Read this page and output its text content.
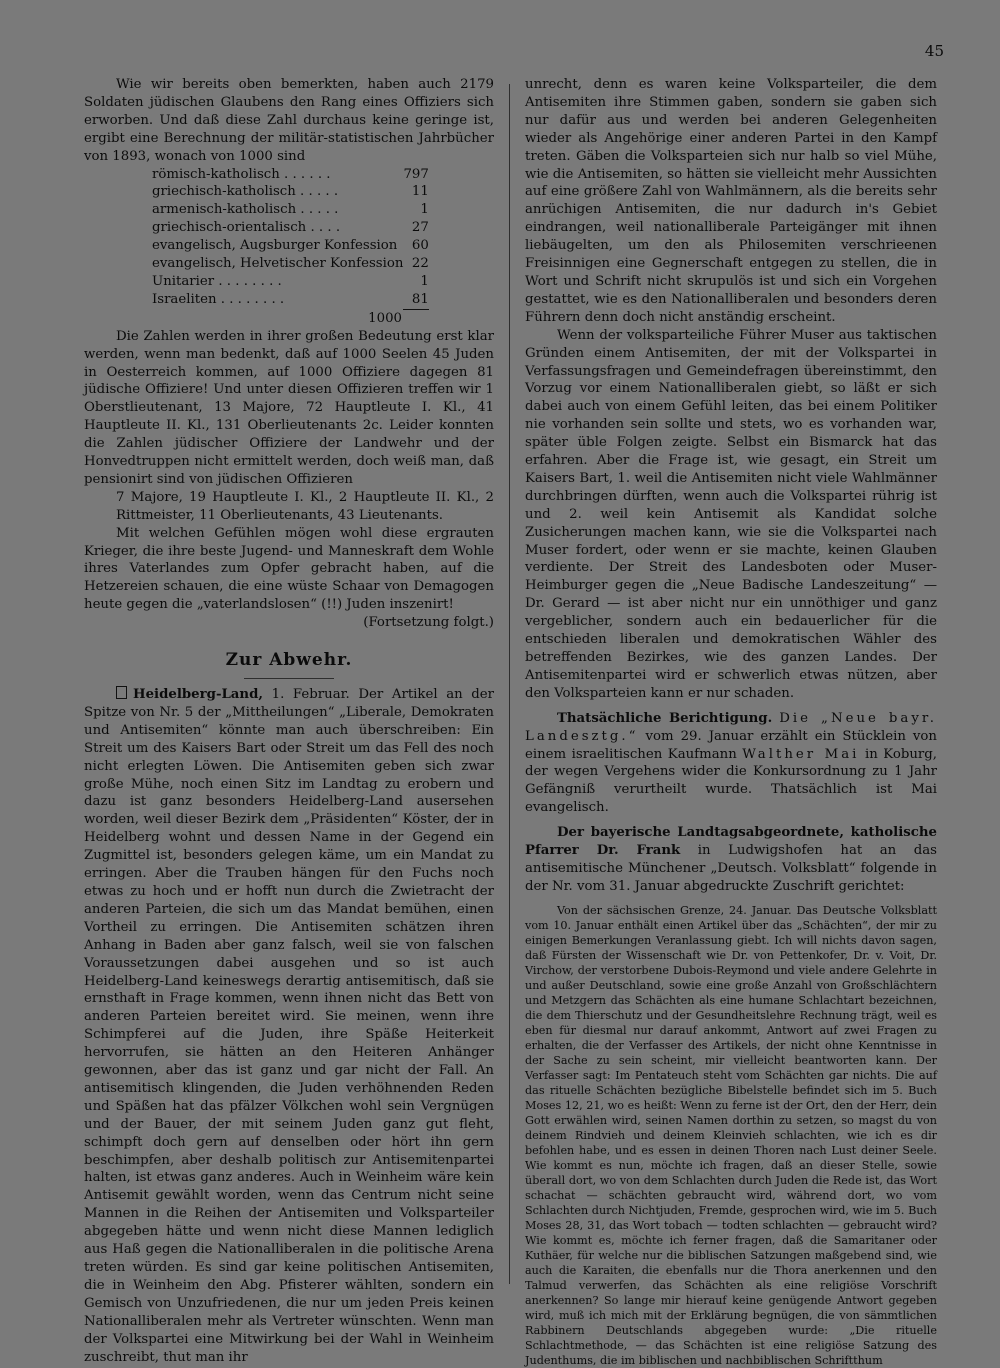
45

Wie wir bereits oben bemerkten, haben auch 2179 Soldaten jüdischen Glaubens den Rang eines Offiziers sich erworben. Und daß diese Zahl durchaus keine geringe ist, ergibt eine Berechnung der militär-statistischen Jahrbücher von 1893, wonach von 1000 sind

römisch-katholisch . . . . . .	797
griechisch-katholisch . . . . .	11
armenisch-katholisch . . . . .	1
griechisch-orientalisch . . . .	27
evangelisch, Augsburger Konfession	60
evangelisch, Helvetischer Konfession	22
Unitarier . . . . . . . .	1
Israeliten . . . . . . . .	81
1000

Die Zahlen werden in ihrer großen Bedeutung erst klar werden, wenn man bedenkt, daß auf 1000 Seelen 45 Juden in Oesterreich kommen, auf 1000 Offiziere dagegen 81 jüdische Offiziere! Und unter diesen Offizieren treffen wir 1 Oberstlieutenant, 13 Majore, 72 Hauptleute I. Kl., 41 Hauptleute II. Kl., 131 Oberlieutenants 2c. Leider konnten die Zahlen jüdischer Offiziere der Landwehr und der Honvedtruppen nicht ermittelt werden, doch weiß man, daß pensionirt sind von jüdischen Offizieren

7 Majore, 19 Hauptleute I. Kl., 2 Hauptleute II. Kl., 2 Rittmeister, 11 Oberlieutenants, 43 Lieutenants.

Mit welchen Gefühlen mögen wohl diese ergrauten Krieger, die ihre beste Jugend- und Manneskraft dem Wohle ihres Vaterlandes zum Opfer gebracht haben, auf die Hetzereien schauen, die eine wüste Schaar von Demagogen heute gegen die „vaterlandslosen“ (!!) Juden inszenirt!

(Fortsetzung folgt.)

Zur Abwehr.

Heidelberg-Land, 1. Februar. Der Artikel an der Spitze von Nr. 5 der „Mittheilungen“ „Liberale, Demokraten und Antisemiten“ könnte man auch überschreiben: Ein Streit um des Kaisers Bart oder Streit um das Fell des noch nicht erlegten Löwen. Die Antisemiten geben sich zwar große Mühe, noch einen Sitz im Landtag zu erobern und dazu ist ganz besonders Heidelberg-Land ausersehen worden, weil dieser Bezirk dem „Präsidenten“ Köster, der in Heidelberg wohnt und dessen Name in der Gegend ein Zugmittel ist, besonders gelegen käme, um ein Mandat zu erringen. Aber die Trauben hängen für den Fuchs noch etwas zu hoch und er hofft nun durch die Zwietracht der anderen Parteien, die sich um das Mandat bemühen, einen Vortheil zu erringen. Die Antisemiten schätzen ihren Anhang in Baden aber ganz falsch, weil sie von falschen Voraussetzungen dabei ausgehen und so ist auch Heidelberg-Land keineswegs derartig antisemitisch, daß sie ernsthaft in Frage kommen, wenn ihnen nicht das Bett von anderen Parteien bereitet wird. Sie meinen, wenn ihre Schimpferei auf die Juden, ihre Späße Heiterkeit hervorrufen, sie hätten an den Heiteren Anhänger gewonnen, aber das ist ganz und gar nicht der Fall. An antisemitisch klingenden, die Juden verhöhnenden Reden und Späßen hat das pfälzer Völkchen wohl sein Vergnügen und der Bauer, der mit seinem Juden ganz gut fleht, schimpft doch gern auf denselben oder hört ihn gern beschimpfen, aber deshalb politisch zur Antisemitenpartei halten, ist etwas ganz anderes. Auch in Weinheim wäre kein Antisemit gewählt worden, wenn das Centrum nicht seine Mannen in die Reihen der Antisemiten und Volksparteiler abgegeben hätte und wenn nicht diese Mannen lediglich aus Haß gegen die Nationalliberalen in die politische Arena treten würden. Es sind gar keine politischen Antisemiten, die in Weinheim den Abg. Pfisterer wählten, sondern ein Gemisch von Unzufriedenen, die nur um jeden Preis keinen Nationalliberalen mehr als Vertreter wünschten. Wenn man der Volkspartei eine Mitwirkung bei der Wahl in Weinheim zuschreibt, thut man ihr

unrecht, denn es waren keine Volksparteiler, die dem Antisemiten ihre Stimmen gaben, sondern sie gaben sich nur dafür aus und werden bei anderen Gelegenheiten wieder als Angehörige einer anderen Partei in den Kampf treten. Gäben die Volksparteien sich nur halb so viel Mühe, wie die Antisemiten, so hätten sie vielleicht mehr Aussichten auf eine größere Zahl von Wahlmännern, als die bereits sehr anrüchigen Antisemiten, die nur dadurch in's Gebiet eindrangen, weil nationalliberale Parteigänger mit ihnen liebäugelten, um den als Philosemiten verschrieenen Freisinnigen eine Gegnerschaft entgegen zu stellen, die in Wort und Schrift nicht skrupulös ist und sich ein Vorgehen gestattet, wie es den Nationalliberalen und besonders deren Führern denn doch nicht anständig erscheint.

Wenn der volksparteiliche Führer Muser aus taktischen Gründen einem Antisemiten, der mit der Volkspartei in Verfassungsfragen und Gemeindefragen übereinstimmt, den Vorzug vor einem Nationalliberalen giebt, so läßt er sich dabei auch von einem Gefühl leiten, das bei einem Politiker nie vorhanden sein sollte und stets, wo es vorhanden war, später üble Folgen zeigte. Selbst ein Bismarck hat das erfahren. Aber die Frage ist, wie gesagt, ein Streit um Kaisers Bart, 1. weil die Antisemiten nicht viele Wahlmänner durchbringen dürften, wenn auch die Volkspartei rührig ist und 2. weil kein Antisemit als Kandidat solche Zusicherungen machen kann, wie sie die Volkspartei nach Muser fordert, oder wenn er sie machte, keinen Glauben verdiente. Der Streit des Landesboten oder Muser-Heimburger gegen die „Neue Badische Landeszeitung“ — Dr. Gerard — ist aber nicht nur ein unnöthiger und ganz vergeblicher, sondern auch ein bedauerlicher für die entschieden liberalen und demokratischen Wähler des betreffenden Bezirkes, wie des ganzen Landes. Der Antisemitenpartei wird er schwerlich etwas nützen, aber den Volksparteien kann er nur schaden.

Thatsächliche Berichtigung. Die „Neue bayr. Landesztg.“ vom 29. Januar erzählt ein Stücklein von einem israelitischen Kaufmann Walther Mai in Koburg, der wegen Vergehens wider die Konkursordnung zu 1 Jahr Gefängniß verurtheilt wurde. Thatsächlich ist Mai evangelisch.

Der bayerische Landtagsabgeordnete, katholische Pfarrer Dr. Frank in Ludwigshofen hat an das antisemitische Münchener „Deutsch. Volksblatt“ folgende in der Nr. vom 31. Januar abgedruckte Zuschrift gerichtet:

Von der sächsischen Grenze, 24. Januar. Das Deutsche Volksblatt vom 10. Januar enthält einen Artikel über das „Schächten“, der mir zu einigen Bemerkungen Veranlassung giebt. Ich will nichts davon sagen, daß Fürsten der Wissenschaft wie Dr. von Pettenkofer, Dr. v. Voit, Dr. Virchow, der verstorbene Dubois-Reymond und viele andere Gelehrte in und außer Deutschland, sowie eine große Anzahl von Großschlächtern und Metzgern das Schächten als eine humane Schlachtart bezeichnen, die dem Thierschutz und der Gesundheitslehre Rechnung trägt, weil es eben für diesmal nur darauf ankommt, Antwort auf zwei Fragen zu erhalten, die der Verfasser des Artikels, der nicht ohne Kenntnisse in der Sache zu sein scheint, mir vielleicht beantworten kann. Der Verfasser sagt: Im Pentateuch steht vom Schächten gar nichts. Die auf das rituelle Schächten bezügliche Bibelstelle befindet sich im 5. Buch Moses 12, 21, wo es heißt: Wenn zu ferne ist der Ort, den der Herr, dein Gott erwählen wird, seinen Namen dorthin zu setzen, so magst du von deinem Rindvieh und deinem Kleinvieh schlachten, wie ich es dir befohlen habe, und es essen in deinen Thoren nach Lust deiner Seele. Wie kommt es nun, möchte ich fragen, daß an dieser Stelle, sowie überall dort, wo von dem Schlachten durch Juden die Rede ist, das Wort schachat — schächten gebraucht wird, während dort, wo vom Schlachten durch Nichtjuden, Fremde, gesprochen wird, wie im 5. Buch Moses 28, 31, das Wort tobach — todten schlachten — gebraucht wird? Wie kommt es, möchte ich ferner fragen, daß die Samaritaner oder Kuthäer, für welche nur die biblischen Satzungen maßgebend sind, wie auch die Karaiten, die ebenfalls nur die Thora anerkennen und den Talmud verwerfen, das Schächten als eine religiöse Vorschrift anerkennen? So lange mir hierauf keine genügende Antwort gegeben wird, muß ich mich mit der Erklärung begnügen, die von sämmtlichen Rabbinern Deutschlands abgegeben wurde: „Die rituelle Schlachtmethode, — das Schächten ist eine religiöse Satzung des Judenthums, die im biblischen und nachbiblischen Schriftthum
